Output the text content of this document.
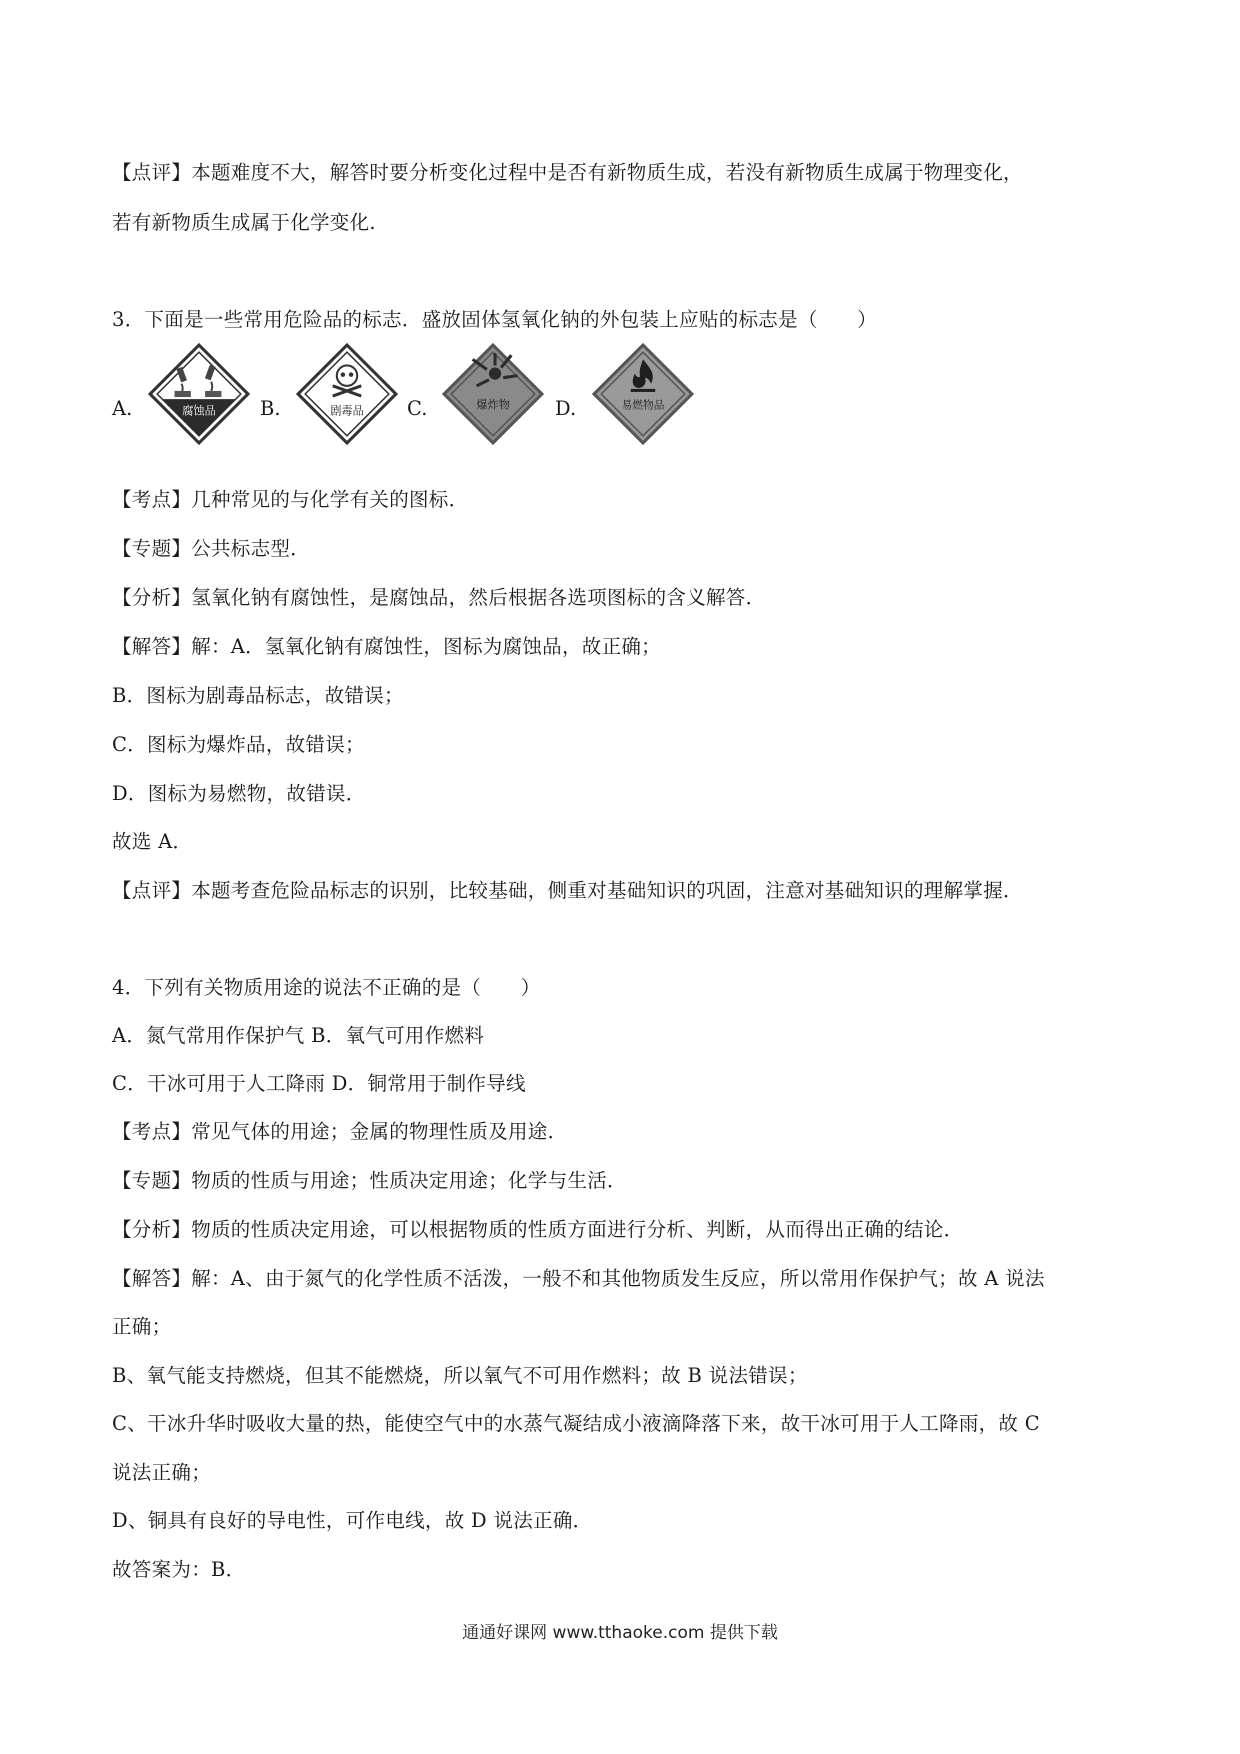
【点评】本题难度不大，解答时要分析变化过程中是否有新物质生成，若没有新物质生成属于物理变化，
若有新物质生成属于化学变化.
3．下面是一些常用危险品的标志．盛放固体氢氧化钠的外包装上应贴的标志是（　　）
A.	腐蚀品 B.	剧毒品 C.	爆炸物 D.	易燃物品
【考点】几种常见的与化学有关的图标．
【专题】公共标志型．
【分析】氢氧化钠有腐蚀性，是腐蚀品，然后根据各选项图标的含义解答．
【解答】解：A．氢氧化钠有腐蚀性，图标为腐蚀品，故正确；
B．图标为剧毒品标志，故错误；
C．图标为爆炸品，故错误；
D．图标为易燃物，故错误．
故选 A．
【点评】本题考查危险品标志的识别，比较基础，侧重对基础知识的巩固，注意对基础知识的理解掌握．
4．下列有关物质用途的说法不正确的是（　　）
A．氮气常用作保护气 B．氧气可用作燃料
C．干冰可用于人工降雨 D．铜常用于制作导线
【考点】常见气体的用途；金属的物理性质及用途．
【专题】物质的性质与用途；性质决定用途；化学与生活．
【分析】物质的性质决定用途，可以根据物质的性质方面进行分析、判断，从而得出正确的结论．
【解答】解：A、由于氮气的化学性质不活泼，一般不和其他物质发生反应，所以常用作保护气；故 A 说法
正确；
B、氧气能支持燃烧，但其不能燃烧，所以氧气不可用作燃料；故 B 说法错误；
C、干冰升华时吸收大量的热，能使空气中的水蒸气凝结成小液滴降落下来，故干冰可用于人工降雨，故 C
说法正确；
D、铜具有良好的导电性，可作电线，故 D 说法正确．
故答案为：B．
通通好课网 www.tthaoke.com 提供下载
